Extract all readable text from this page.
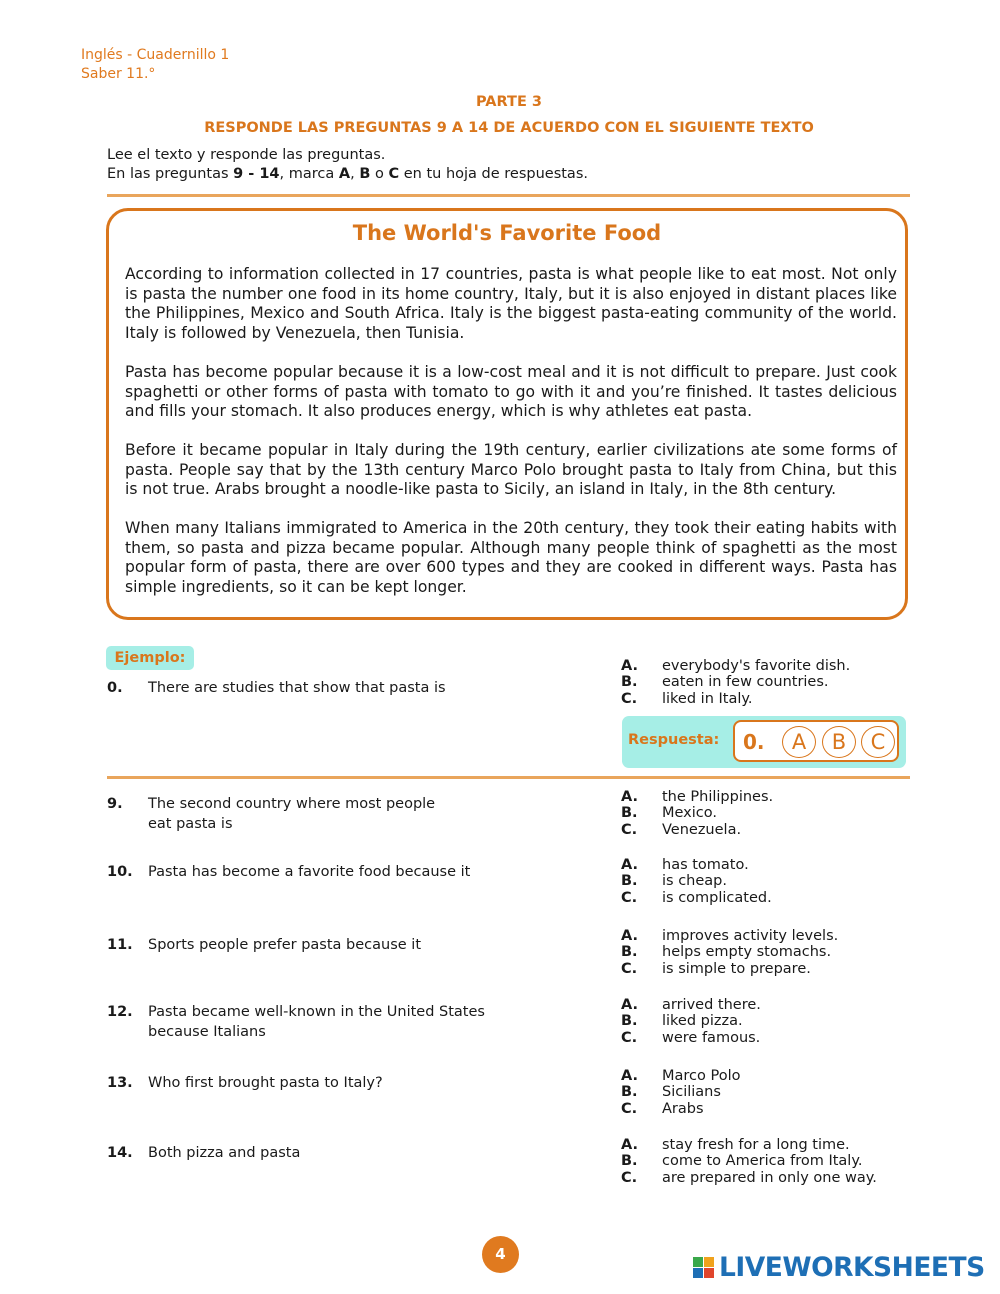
Inglés - Cuadernillo 1
Saber 11.°
PARTE 3
RESPONDE LAS PREGUNTAS 9 A 14 DE ACUERDO CON EL SIGUIENTE TEXTO
Lee el texto y responde las preguntas.
En las preguntas 9 - 14, marca A, B o C en tu hoja de respuestas.
The World's Favorite Food

According to information collected in 17 countries, pasta is what people like to eat most. Not only is pasta the number one food in its home country, Italy, but it is also enjoyed in distant places like the Philippines, Mexico and South Africa. Italy is the biggest pasta-eating community of the world. Italy is followed by Venezuela, then Tunisia.

Pasta has become popular because it is a low-cost meal and it is not difficult to prepare. Just cook spaghetti or other forms of pasta with tomato to go with it and you’re finished. It tastes delicious and fills your stomach. It also produces energy, which is why athletes eat pasta.

Before it became popular in Italy during the 19th century, earlier civilizations ate some forms of pasta. People say that by the 13th century Marco Polo brought pasta to Italy from China, but this is not true. Arabs brought a noodle-like pasta to Sicily, an island in Italy, in the 8th century.

When many Italians immigrated to America in the 20th century, they took their eating habits with them, so pasta and pizza became popular. Although many people think of spaghetti as the most popular form of pasta, there are over 600 types and they are cooked in different ways. Pasta has simple ingredients, so it can be kept longer.

Ejemplo:
0. There are studies that show that pasta is
A. everybody's favorite dish.
B. eaten in few countries.
C. liked in Italy.
Respuesta: 0.	A	B	C
9. The second country where most people eat pasta is
A. the Philippines.
B. Mexico.
C. Venezuela.
10. Pasta has become a favorite food because it	A. has tomato.
B. is cheap.
C. is complicated.
11. Sports people prefer pasta because it
A. improves activity levels.
B. helps empty stomachs.
C. is simple to prepare.
12. Pasta became well-known in the United States because Italians
A. arrived there.
B. liked pizza.
C. were famous.
13. Who first brought pasta to Italy?	A. Marco Polo
B. Sicilians
C. Arabs
14. Both pizza and pasta	A. stay fresh for a long time.
B. come to America from Italy.
C. are prepared in only one way.
4	LIVEWORKSHEETS
